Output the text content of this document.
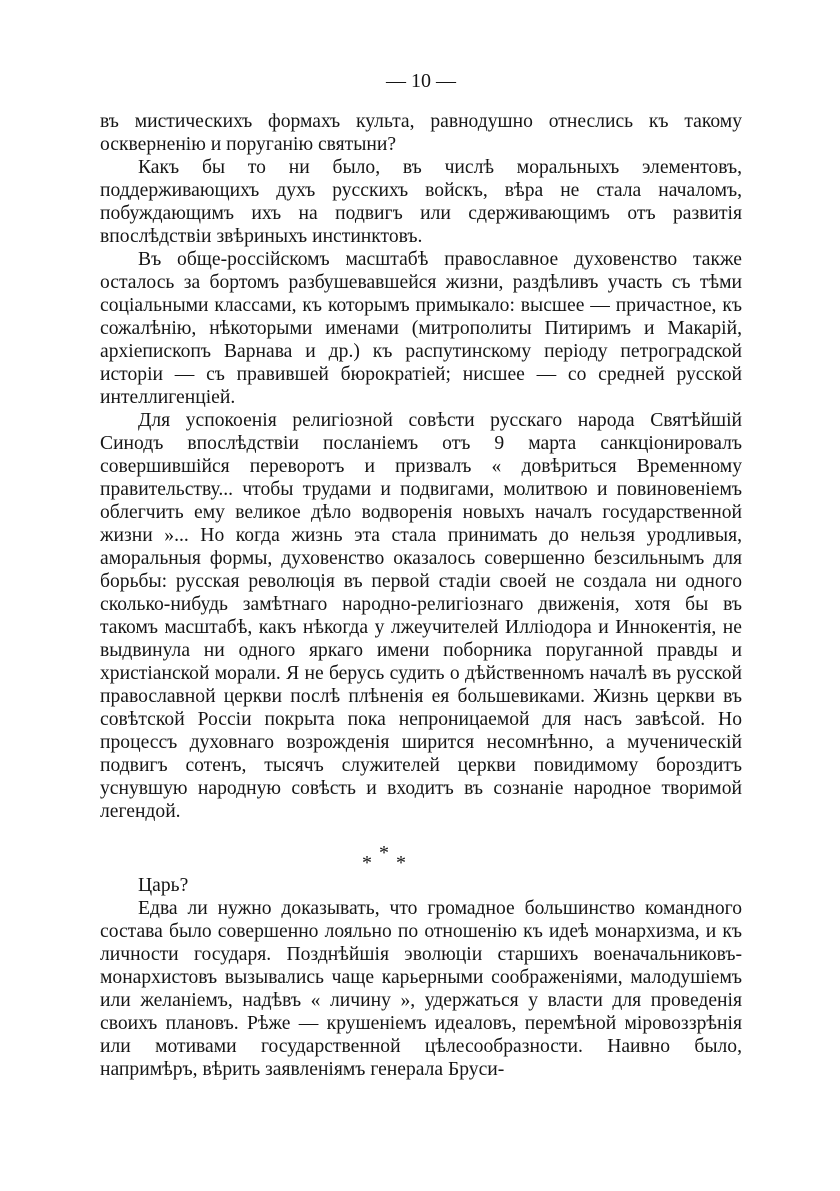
— 10 —

въ мистическихъ формахъ культа, равнодушно отнеслись къ такому оскверненію и поруганію святыни?

Какъ бы то ни было, въ числѣ моральныхъ элементовъ, поддерживающихъ духъ русскихъ войскъ, вѣра не стала началомъ, побуждающимъ ихъ на подвигъ или сдерживающимъ отъ развитія впослѣдствіи звѣриныхъ инстинктовъ.

Въ обще-россійскомъ масштабѣ православное духовенство также осталось за бортомъ разбушевавшейся жизни, раздѣливъ участь съ тѣми соціальными классами, къ которымъ примыкало: высшее — причастное, къ сожалѣнію, нѣкоторыми именами (митрополиты Питиримъ и Макарій, архіепископъ Варнава и др.) къ распутинскому періоду петроградской исторіи — съ правившей бюрократіей; нисшее — со средней русской интеллигенціей.

Для успокоенія религіозной совѣсти русскаго народа Святѣйшій Синодъ впослѣдствіи посланіемъ отъ 9 марта санкціонировалъ совершившійся переворотъ и призвалъ « довѣриться Временному правительству... чтобы трудами и подвигами, молитвою и повиновеніемъ облегчить ему великое дѣло водворенія новыхъ началъ государственной жизни »... Но когда жизнь эта стала принимать до нельзя уродливыя, аморальныя формы, духовенство оказалось совершенно безсильнымъ для борьбы: русская революція въ первой стадіи своей не создала ни одного сколько-нибудь замѣтнаго народно-религіознаго движенія, хотя бы въ такомъ масштабѣ, какъ нѣкогда у лжеучителей Илліодора и Иннокентія, не выдвинула ни одного яркаго имени поборника поруганной правды и христіанской морали. Я не берусь судить о дѣйственномъ началѣ въ русской православной церкви послѣ плѣненія ея большевиками. Жизнь церкви въ совѣтской Россіи покрыта пока непроницаемой для насъ завѣсой. Но процессъ духовнаго возрожденія ширится несомнѣнно, а мученическій подвигъ сотенъ, тысячъ служителей церкви повидимому бороздитъ уснувшую народную совѣсть и входитъ въ сознаніе народное творимой легендой.

* * *

Царь?

Едва ли нужно доказывать, что громадное большинство командного состава было совершенно лояльно по отношенію къ идеѣ монархизма, и къ личности государя. Позднѣйшія эволюціи старшихъ военачальниковъ-монархистовъ вызывались чаще карьерными соображеніями, малодушіемъ или желаніемъ, надѣвъ « личину », удержаться у власти для проведенія своихъ плановъ. Рѣже — крушеніемъ идеаловъ, перемѣной міровоззрѣнія или мотивами государственной цѣлесообразности. Наивно было, напримѣръ, вѣрить заявленіямъ генерала Бруси-
